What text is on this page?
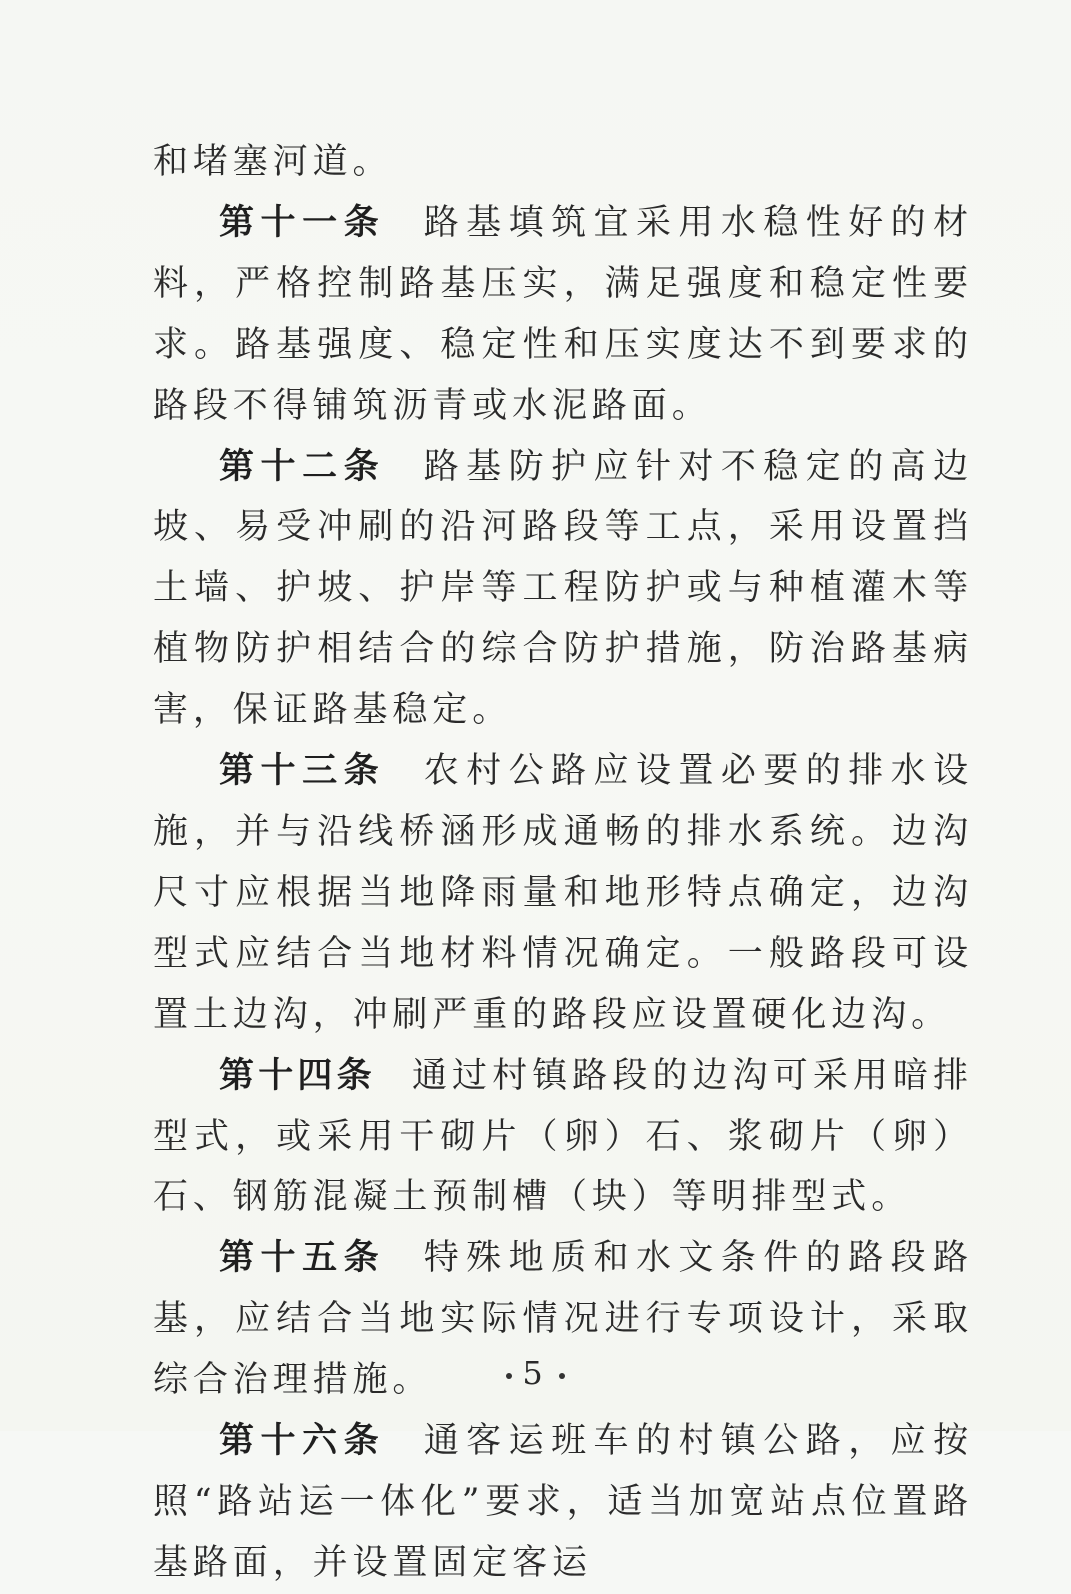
和堵塞河道。

第十一条 路基填筑宜采用水稳性好的材料，严格控制路基压实，满足强度和稳定性要求。路基强度、稳定性和压实度达不到要求的路段不得铺筑沥青或水泥路面。

第十二条 路基防护应针对不稳定的高边坡、易受冲刷的沿河路段等工点，采用设置挡土墙、护坡、护岸等工程防护或与种植灌木等植物防护相结合的综合防护措施，防治路基病害，保证路基稳定。

第十三条 农村公路应设置必要的排水设施，并与沿线桥涵形成通畅的排水系统。边沟尺寸应根据当地降雨量和地形特点确定，边沟型式应结合当地材料情况确定。一般路段可设置土边沟，冲刷严重的路段应设置硬化边沟。

第十四条 通过村镇路段的边沟可采用暗排型式，或采用干砌片（卵）石、浆砌片（卵）石、钢筋混凝土预制槽（块）等明排型式。

第十五条 特殊地质和水文条件的路段路基，应结合当地实际情况进行专项设计，采取综合治理措施。

第十六条 通客运班车的村镇公路，应按照“路站运一体化”要求，适当加宽站点位置路基路面，并设置固定客运

5
